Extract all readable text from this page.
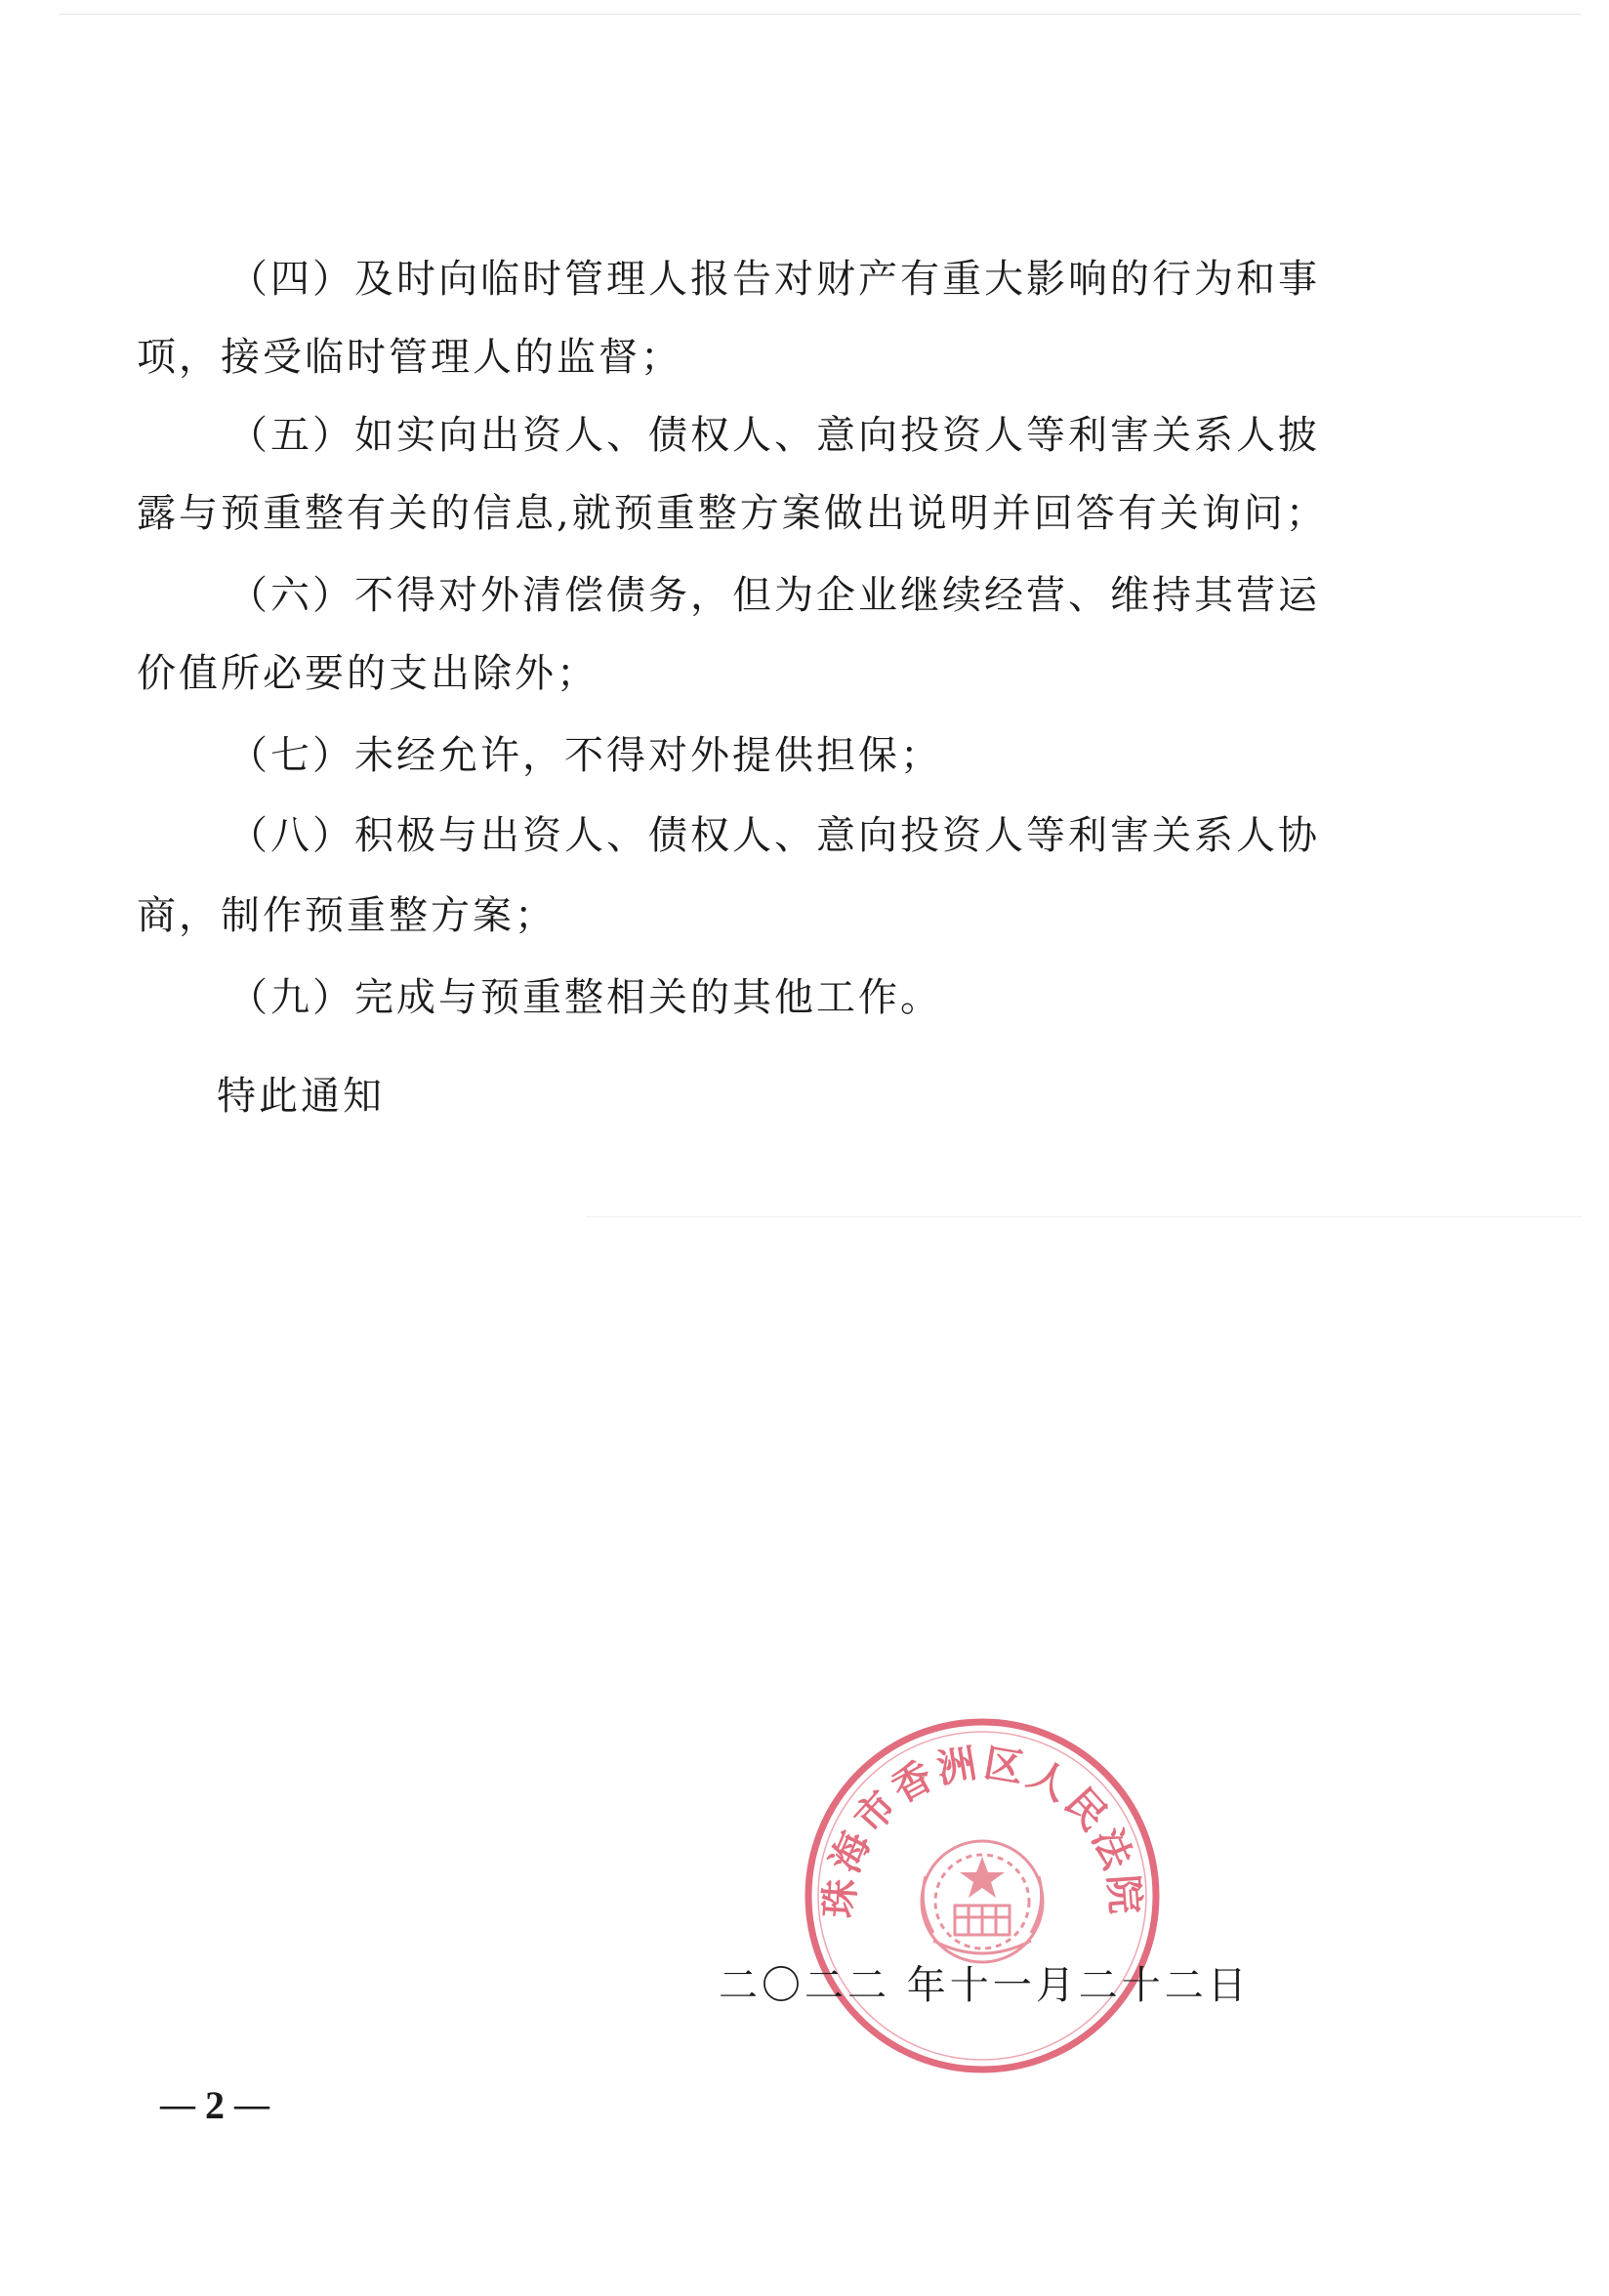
（四）及时向临时管理人报告对财产有重大影响的行为和事
项，接受临时管理人的监督；
（五）如实向出资人、债权人、意向投资人等利害关系人披
露与预重整有关的信息,就预重整方案做出说明并回答有关询问；
（六）不得对外清偿债务，但为企业继续经营、维持其营运
价值所必要的支出除外；
（七）未经允许，不得对外提供担保；
（八）积极与出资人、债权人、意向投资人等利害关系人协
商，制作预重整方案；
（九）完成与预重整相关的其他工作。
特此通知
珠海市香洲区人民法院
二〇二二 年十一月二十二日
— 2 —
